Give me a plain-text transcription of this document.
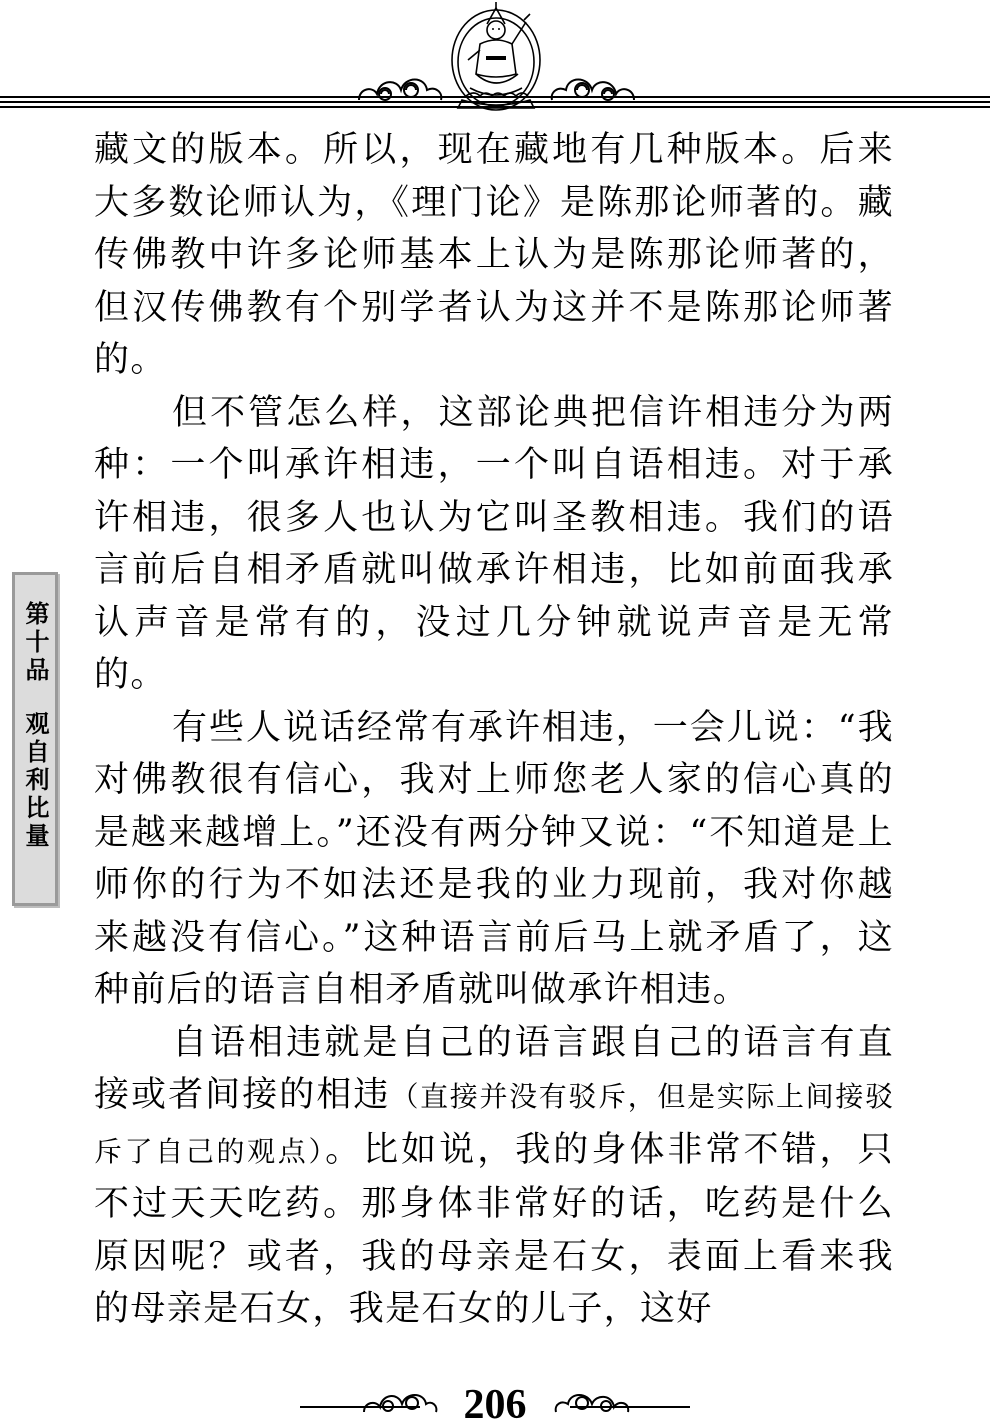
第十品观自利比量

藏文的版本。所以，现在藏地有几种版本。后来大多数论师认为，《理门论》是陈那论师著的。藏传佛教中许多论师基本上认为是陈那论师著的，但汉传佛教有个别学者认为这并不是陈那论师著的。

但不管怎么样，这部论典把信许相违分为两种：一个叫承许相违，一个叫自语相违。对于承许相违，很多人也认为它叫圣教相违。我们的语言前后自相矛盾就叫做承许相违，比如前面我承认声音是常有的，没过几分钟就说声音是无常的。

有些人说话经常有承许相违，一会儿说：“我对佛教很有信心，我对上师您老人家的信心真的是越来越增上。”还没有两分钟又说：“不知道是上师你的行为不如法还是我的业力现前，我对你越来越没有信心。”这种语言前后马上就矛盾了，这种前后的语言自相矛盾就叫做承许相违。

自语相违就是自己的语言跟自己的语言有直接或者间接的相违（直接并没有驳斥，但是实际上间接驳斥了自己的观点）。比如说，我的身体非常不错，只不过天天吃药。那身体非常好的话，吃药是什么原因呢？或者，我的母亲是石女，表面上看来我的母亲是石女，我是石女的儿子，这好

206
